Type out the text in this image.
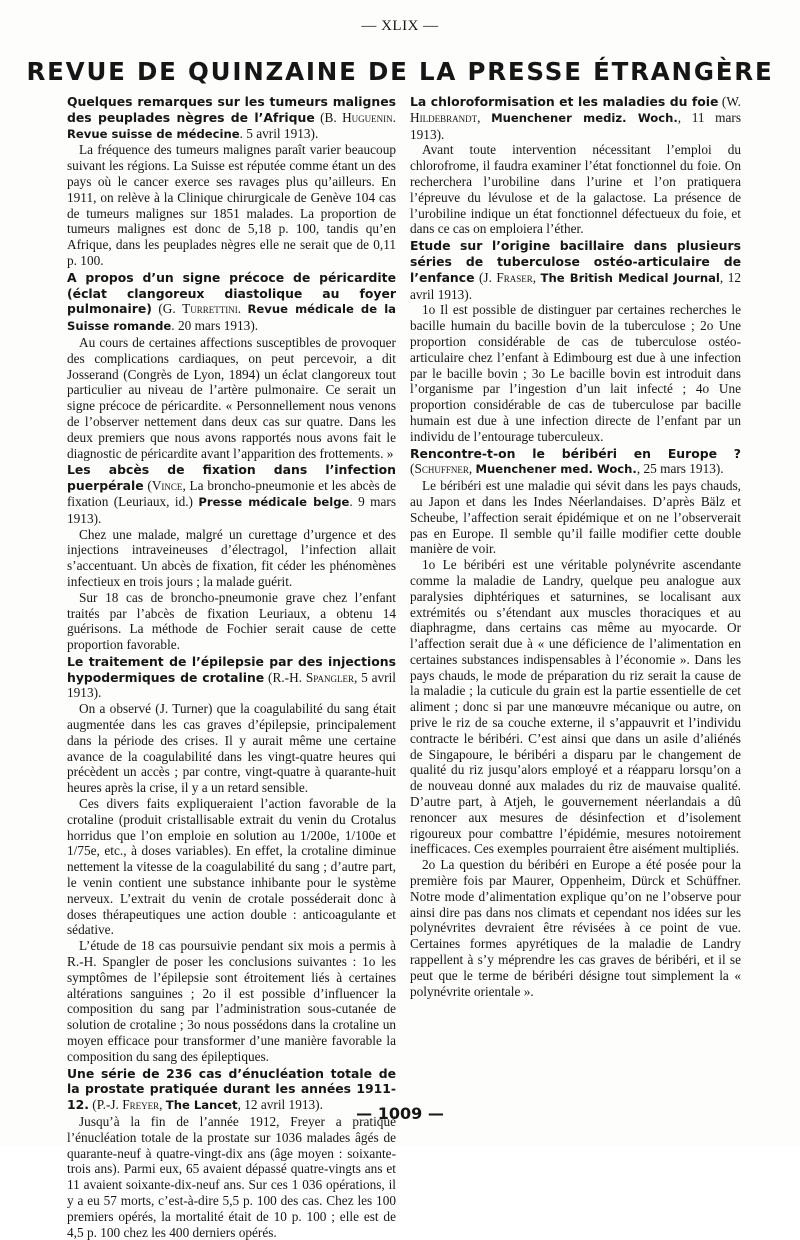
— XLIX —
REVUE DE QUINZAINE DE LA PRESSE ÉTRANGÈRE

Quelques remarques sur les tumeurs malignes des peuplades nègres de l’Afrique (B. Huguenin. Revue suisse de médecine. 5 avril 1913).

La fréquence des tumeurs malignes paraît varier beaucoup suivant les régions. La Suisse est réputée comme étant un des pays où le cancer exerce ses ravages plus qu’ailleurs. En 1911, on relève à la Clinique chirurgicale de Genève 104 cas de tumeurs malignes sur 1851 malades. La proportion de tumeurs malignes est donc de 5,18 p. 100, tandis qu’en Afrique, dans les peuplades nègres elle ne serait que de 0,11 p. 100.

A propos d’un signe précoce de péricardite (éclat clangoreux diastolique au foyer pulmonaire) (G. Turrettini. Revue médicale de la Suisse romande. 20 mars 1913).

Au cours de certaines affections susceptibles de provoquer des complications cardiaques, on peut percevoir, a dit Josserand (Congrès de Lyon, 1894) un éclat clangoreux tout particulier au niveau de l’artère pulmonaire. Ce serait un signe précoce de péricardite. « Personnellement nous venons de l’observer nettement dans deux cas sur quatre. Dans les deux premiers que nous avons rapportés nous avons fait le diagnostic de péricardite avant l’apparition des frottements. »

Les abcès de fixation dans l’infection puerpérale (Vince, La broncho-pneumonie et les abcès de fixation (Leuriaux, id.) Presse médicale belge. 9 mars 1913).

Chez une malade, malgré un curettage d’urgence et des injections intraveineuses d’électragol, l’infection allait s’accentuant. Un abcès de fixation, fit céder les phénomènes infectieux en trois jours ; la malade guérit.

Sur 18 cas de broncho-pneumonie grave chez l’enfant traités par l’abcès de fixation Leuriaux, a obtenu 14 guérisons. La méthode de Fochier serait cause de cette proportion favorable.

Le traitement de l’épilepsie par des injections hypodermiques de crotaline (R.-H. Spangler, 5 avril 1913).

On a observé (J. Turner) que la coagulabilité du sang était augmentée dans les cas graves d’épilepsie, principalement dans la période des crises. Il y aurait même une certaine avance de la coagulabilité dans les vingt-quatre heures qui précèdent un accès ; par contre, vingt-quatre à quarante-huit heures après la crise, il y a un retard sensible.

Ces divers faits expliqueraient l’action favorable de la crotaline (produit cristallisable extrait du venin du Crotalus horridus que l’on emploie en solution au 1/200e, 1/100e et 1/75e, etc., à doses variables). En effet, la crotaline diminue nettement la vitesse de la coagulabilité du sang ; d’autre part, le venin contient une substance inhibante pour le système nerveux. L’extrait du venin de crotale posséderait donc à doses thérapeutiques une action double : anticoagulante et sédative.

L’étude de 18 cas poursuivie pendant six mois a permis à R.-H. Spangler de poser les conclusions suivantes : 1o les symptômes de l’épilepsie sont étroitement liés à certaines altérations sanguines ; 2o il est possible d’influencer la composition du sang par l’administration sous-cutanée de solution de crotaline ; 3o nous possédons dans la crotaline un moyen efficace pour transformer d’une manière favorable la composition du sang des épileptiques.

Une série de 236 cas d’énucléation totale de la prostate pratiquée durant les années 1911-12. (P.-J. Freyer, The Lancet, 12 avril 1913).

Jusqu’à la fin de l’année 1912, Freyer a pratiqué l’énucléation totale de la prostate sur 1036 malades âgés de quarante-neuf à quatre-vingt-dix ans (âge moyen : soixante-trois ans). Parmi eux, 65 avaient dépassé quatre-vingts ans et 11 avaient soixante-dix-neuf ans. Sur ces 1 036 opérations, il y a eu 57 morts, c’est-à-dire 5,5 p. 100 des cas. Chez les 100 premiers opérés, la mortalité était de 10 p. 100 ; elle est de 4,5 p. 100 chez les 400 derniers opérés.

La chloroformisation et les maladies du foie (W. Hildebrandt, Muenchener mediz. Woch., 11 mars 1913).

Avant toute intervention nécessitant l’emploi du chlorofrome, il faudra examiner l’état fonctionnel du foie. On recherchera l’urobiline dans l’urine et l’on pratiquera l’épreuve du lévulose et de la galactose. La présence de l’urobiline indique un état fonctionnel défectueux du foie, et dans ce cas on emploiera l’éther.

Etude sur l’origine bacillaire dans plusieurs séries de tuberculose ostéo-articulaire de l’enfance (J. Fraser, The British Medical Journal, 12 avril 1913).

1o Il est possible de distinguer par certaines recherches le bacille humain du bacille bovin de la tuberculose ; 2o Une proportion considérable de cas de tuberculose ostéo-articulaire chez l’enfant à Edimbourg est due à une infection par le bacille bovin ; 3o Le bacille bovin est introduit dans l’organisme par l’ingestion d’un lait infecté ; 4o Une proportion considérable de cas de tuberculose par bacille humain est due à une infection directe de l’enfant par un individu de l’entourage tuberculeux.

Rencontre-t-on le béribéri en Europe ? (Schuffner, Muenchener med. Woch., 25 mars 1913).

Le béribéri est une maladie qui sévit dans les pays chauds, au Japon et dans les Indes Néerlandaises. D’après Bälz et Scheube, l’affection serait épidémique et on ne l’observerait pas en Europe. Il semble qu’il faille modifier cette double manière de voir.

1o Le béribéri est une véritable polynévrite ascendante comme la maladie de Landry, quelque peu analogue aux paralysies diphtériques et saturnines, se localisant aux extrémités ou s’étendant aux muscles thoraciques et au diaphragme, dans certains cas même au myocarde. Or l’affection serait due à « une déficience de l’alimentation en certaines substances indispensables à l’économie ». Dans les pays chauds, le mode de préparation du riz serait la cause de la maladie ; la cuticule du grain est la partie essentielle de cet aliment ; donc si par une manœuvre mécanique ou autre, on prive le riz de sa couche externe, il s’appauvrit et l’individu contracte le béribéri. C’est ainsi que dans un asile d’aliénés de Singapoure, le béribéri a disparu par le changement de qualité du riz jusqu’alors employé et a réapparu lorsqu’on a de nouveau donné aux malades du riz de mauvaise qualité. D’autre part, à Atjeh, le gouvernement néerlandais a dû renoncer aux mesures de désinfection et d’isolement rigoureux pour combattre l’épidémie, mesures notoirement inefficaces. Ces exemples pourraient être aisément multipliés.

2o La question du béribéri en Europe a été posée pour la première fois par Maurer, Oppenheim, Dürck et Schüffner. Notre mode d’alimentation explique qu’on ne l’observe pour ainsi dire pas dans nos climats et cependant nos idées sur les polynévrites devraient être révisées à ce point de vue. Certaines formes apyrétiques de la maladie de Landry rappellent à s’y méprendre les cas graves de béribéri, et il se peut que le terme de béribéri désigne tout simplement la « polynévrite orientale ».

— 1009 —
